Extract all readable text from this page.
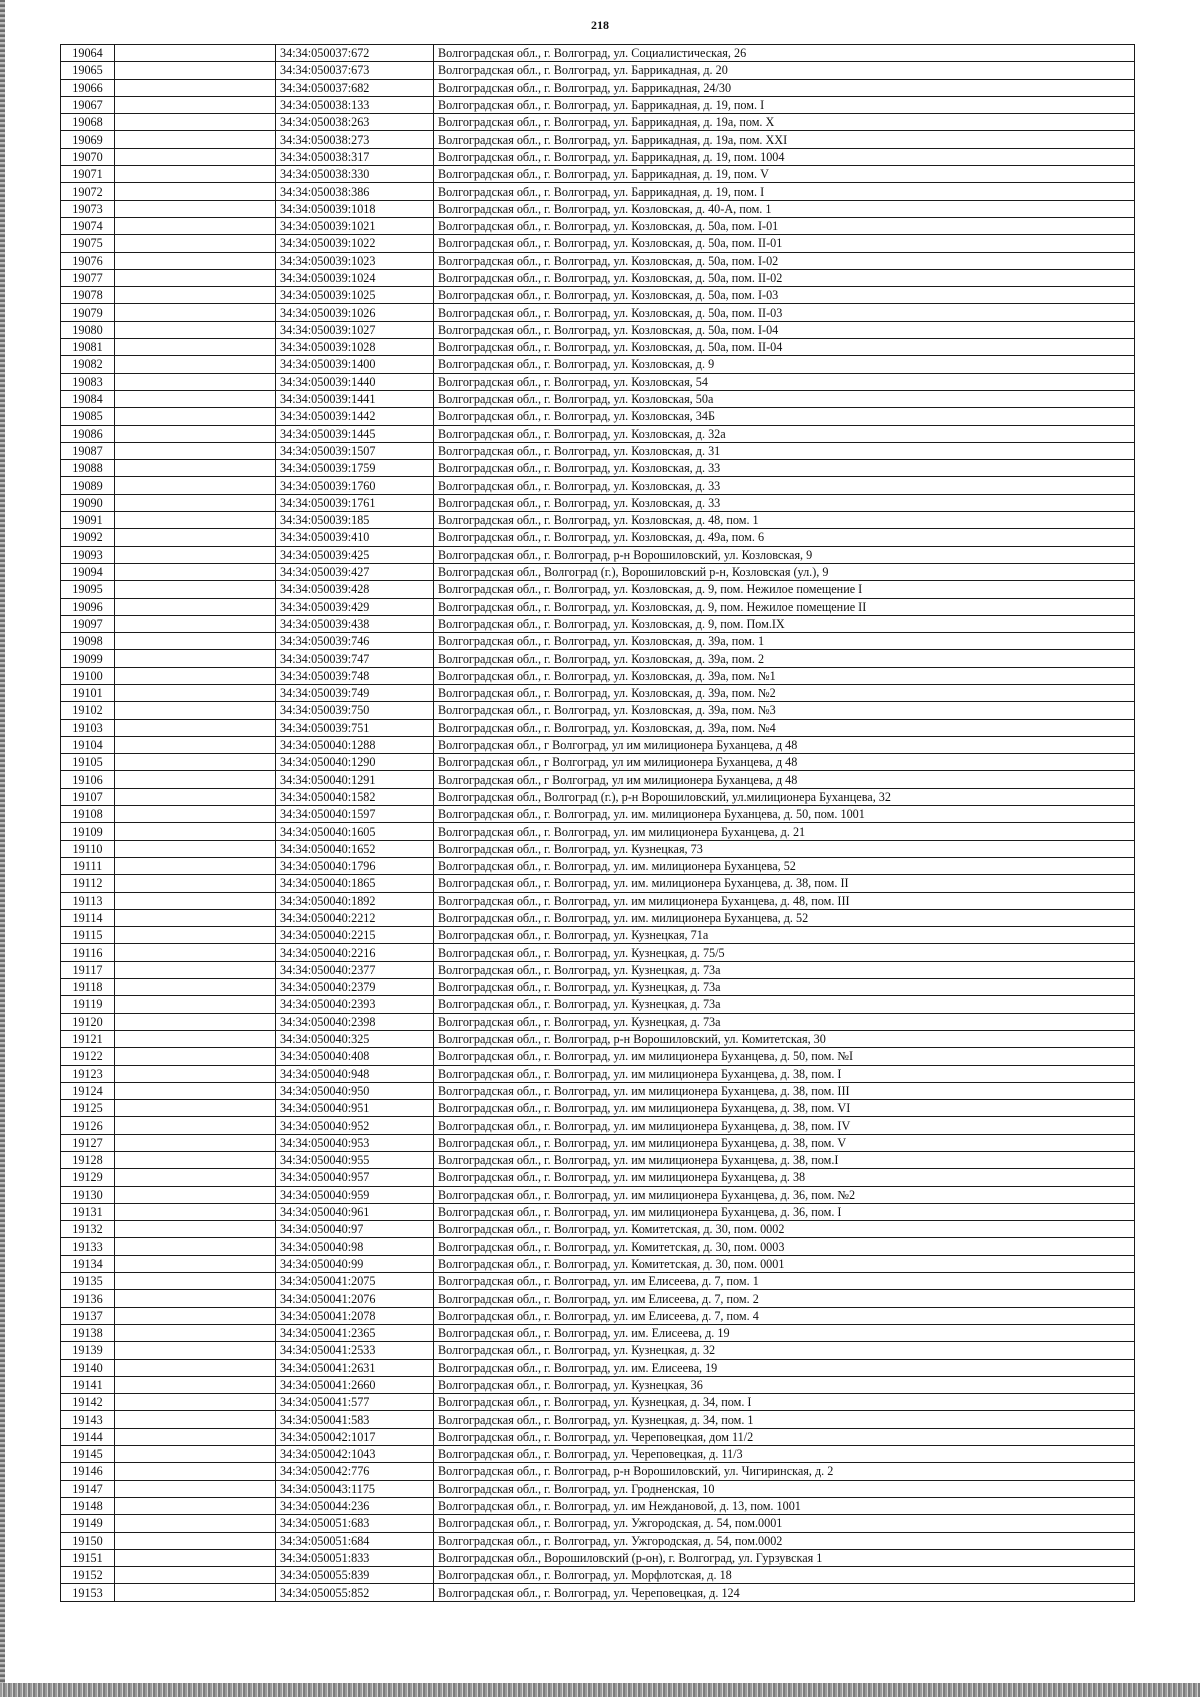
218
19064		34:34:050037:672	Волгоградская обл., г. Волгоград, ул. Социалистическая, 26
19065		34:34:050037:673	Волгоградская обл., г. Волгоград, ул. Баррикадная, д. 20
19066		34:34:050037:682	Волгоградская обл., г. Волгоград, ул. Баррикадная, 24/30
19067		34:34:050038:133	Волгоградская обл., г. Волгоград, ул. Баррикадная, д. 19, пом. I
19068		34:34:050038:263	Волгоградская обл., г. Волгоград, ул. Баррикадная, д. 19а, пом. X
19069		34:34:050038:273	Волгоградская обл., г. Волгоград, ул. Баррикадная, д. 19а, пом. XXI
19070		34:34:050038:317	Волгоградская обл., г. Волгоград, ул. Баррикадная, д. 19, пом. 1004
19071		34:34:050038:330	Волгоградская обл., г. Волгоград, ул. Баррикадная, д. 19, пом. V
19072		34:34:050038:386	Волгоградская обл., г. Волгоград, ул. Баррикадная, д. 19, пом. I
19073		34:34:050039:1018	Волгоградская обл., г. Волгоград, ул. Козловская, д. 40-А, пом. 1
19074		34:34:050039:1021	Волгоградская обл., г. Волгоград, ул. Козловская, д. 50а, пом. I-01
19075		34:34:050039:1022	Волгоградская обл., г. Волгоград, ул. Козловская, д. 50а, пом. II-01
19076		34:34:050039:1023	Волгоградская обл., г. Волгоград, ул. Козловская, д. 50а, пом. I-02
19077		34:34:050039:1024	Волгоградская обл., г. Волгоград, ул. Козловская, д. 50а, пом. II-02
19078		34:34:050039:1025	Волгоградская обл., г. Волгоград, ул. Козловская, д. 50а, пом. I-03
19079		34:34:050039:1026	Волгоградская обл., г. Волгоград, ул. Козловская, д. 50а, пом. II-03
19080		34:34:050039:1027	Волгоградская обл., г. Волгоград, ул. Козловская, д. 50а, пом. I-04
19081		34:34:050039:1028	Волгоградская обл., г. Волгоград, ул. Козловская, д. 50а, пом. II-04
19082		34:34:050039:1400	Волгоградская обл., г. Волгоград, ул. Козловская, д. 9
19083		34:34:050039:1440	Волгоградская обл., г. Волгоград, ул. Козловская, 54
19084		34:34:050039:1441	Волгоградская обл., г. Волгоград, ул. Козловская, 50а
19085		34:34:050039:1442	Волгоградская обл., г. Волгоград, ул. Козловская, 34Б
19086		34:34:050039:1445	Волгоградская обл., г. Волгоград, ул. Козловская, д. 32а
19087		34:34:050039:1507	Волгоградская обл., г. Волгоград, ул. Козловская, д. 31
19088		34:34:050039:1759	Волгоградская обл., г. Волгоград, ул. Козловская, д. 33
19089		34:34:050039:1760	Волгоградская обл., г. Волгоград, ул. Козловская, д. 33
19090		34:34:050039:1761	Волгоградская обл., г. Волгоград, ул. Козловская, д. 33
19091		34:34:050039:185	Волгоградская обл., г. Волгоград, ул. Козловская, д. 48, пом. 1
19092		34:34:050039:410	Волгоградская обл., г. Волгоград, ул. Козловская, д. 49а, пом. 6
19093		34:34:050039:425	Волгоградская обл., г. Волгоград, р-н Ворошиловский, ул. Козловская, 9
19094		34:34:050039:427	Волгоградская обл., Волгоград (г.), Ворошиловский р-н, Козловская (ул.), 9
19095		34:34:050039:428	Волгоградская обл., г. Волгоград, ул. Козловская, д. 9, пом. Нежилое помещение I
19096		34:34:050039:429	Волгоградская обл., г. Волгоград, ул. Козловская, д. 9, пом. Нежилое помещение II
19097		34:34:050039:438	Волгоградская обл., г. Волгоград, ул. Козловская, д. 9, пом. Пом.IX
19098		34:34:050039:746	Волгоградская обл., г. Волгоград, ул. Козловская, д. 39а, пом. 1
19099		34:34:050039:747	Волгоградская обл., г. Волгоград, ул. Козловская, д. 39а, пом. 2
19100		34:34:050039:748	Волгоградская обл., г. Волгоград, ул. Козловская, д. 39а, пом. №1
19101		34:34:050039:749	Волгоградская обл., г. Волгоград, ул. Козловская, д. 39а, пом. №2
19102		34:34:050039:750	Волгоградская обл., г. Волгоград, ул. Козловская, д. 39а, пом. №3
19103		34:34:050039:751	Волгоградская обл., г. Волгоград, ул. Козловская, д. 39а, пом. №4
19104		34:34:050040:1288	Волгоградская обл., г Волгоград, ул им милиционера Буханцева, д 48
19105		34:34:050040:1290	Волгоградская обл., г Волгоград, ул им милиционера Буханцева, д 48
19106		34:34:050040:1291	Волгоградская обл., г Волгоград, ул им милиционера Буханцева, д 48
19107		34:34:050040:1582	Волгоградская обл., Волгоград (г.), р-н Ворошиловский, ул.милиционера Буханцева, 32
19108		34:34:050040:1597	Волгоградская обл., г. Волгоград, ул. им. милиционера Буханцева, д. 50, пом. 1001
19109		34:34:050040:1605	Волгоградская обл., г. Волгоград, ул. им милиционера Буханцева, д. 21
19110		34:34:050040:1652	Волгоградская обл., г. Волгоград, ул. Кузнецкая, 73
19111		34:34:050040:1796	Волгоградская обл., г. Волгоград, ул. им. милиционера Буханцева, 52
19112		34:34:050040:1865	Волгоградская обл., г. Волгоград, ул. им. милиционера Буханцева, д. 38, пом. II
19113		34:34:050040:1892	Волгоградская обл., г. Волгоград, ул. им милиционера Буханцева, д. 48, пом. III
19114		34:34:050040:2212	Волгоградская обл., г. Волгоград, ул. им. милиционера Буханцева, д. 52
19115		34:34:050040:2215	Волгоградская обл., г. Волгоград, ул. Кузнецкая, 71а
19116		34:34:050040:2216	Волгоградская обл., г. Волгоград, ул. Кузнецкая, д. 75/5
19117		34:34:050040:2377	Волгоградская обл., г. Волгоград, ул. Кузнецкая, д. 73а
19118		34:34:050040:2379	Волгоградская обл., г. Волгоград, ул. Кузнецкая, д. 73а
19119		34:34:050040:2393	Волгоградская обл., г. Волгоград, ул. Кузнецкая, д. 73а
19120		34:34:050040:2398	Волгоградская обл., г. Волгоград, ул. Кузнецкая, д. 73а
19121		34:34:050040:325	Волгоградская обл., г. Волгоград, р-н Ворошиловский, ул. Комитетская, 30
19122		34:34:050040:408	Волгоградская обл., г. Волгоград, ул. им милиционера Буханцева, д. 50, пом. №I
19123		34:34:050040:948	Волгоградская обл., г. Волгоград, ул. им милиционера Буханцева, д. 38, пом. I
19124		34:34:050040:950	Волгоградская обл., г. Волгоград, ул. им милиционера Буханцева, д. 38, пом. III
19125		34:34:050040:951	Волгоградская обл., г. Волгоград, ул. им милиционера Буханцева, д. 38, пом. VI
19126		34:34:050040:952	Волгоградская обл., г. Волгоград, ул. им милиционера Буханцева, д. 38, пом. IV
19127		34:34:050040:953	Волгоградская обл., г. Волгоград, ул. им милиционера Буханцева, д. 38, пом. V
19128		34:34:050040:955	Волгоградская обл., г. Волгоград, ул. им милиционера Буханцева, д. 38, пом.I
19129		34:34:050040:957	Волгоградская обл., г. Волгоград, ул. им милиционера Буханцева, д. 38
19130		34:34:050040:959	Волгоградская обл., г. Волгоград, ул. им милиционера Буханцева, д. 36, пом. №2
19131		34:34:050040:961	Волгоградская обл., г. Волгоград, ул. им милиционера Буханцева, д. 36, пом. I
19132		34:34:050040:97	Волгоградская обл., г. Волгоград, ул. Комитетская, д. 30, пом. 0002
19133		34:34:050040:98	Волгоградская обл., г. Волгоград, ул. Комитетская, д. 30, пом. 0003
19134		34:34:050040:99	Волгоградская обл., г. Волгоград, ул. Комитетская, д. 30, пом. 0001
19135		34:34:050041:2075	Волгоградская обл., г. Волгоград, ул. им Елисеева, д. 7, пом. 1
19136		34:34:050041:2076	Волгоградская обл., г. Волгоград, ул. им Елисеева, д. 7, пом. 2
19137		34:34:050041:2078	Волгоградская обл., г. Волгоград, ул. им Елисеева, д. 7, пом. 4
19138		34:34:050041:2365	Волгоградская обл., г. Волгоград, ул. им. Елисеева, д. 19
19139		34:34:050041:2533	Волгоградская обл., г. Волгоград, ул. Кузнецкая, д. 32
19140		34:34:050041:2631	Волгоградская обл., г. Волгоград, ул. им. Елисеева, 19
19141		34:34:050041:2660	Волгоградская обл., г. Волгоград, ул. Кузнецкая, 36
19142		34:34:050041:577	Волгоградская обл., г. Волгоград, ул. Кузнецкая, д. 34, пом. I
19143		34:34:050041:583	Волгоградская обл., г. Волгоград, ул. Кузнецкая, д. 34, пом. 1
19144		34:34:050042:1017	Волгоградская обл., г. Волгоград, ул. Череповецкая, дом 11/2
19145		34:34:050042:1043	Волгоградская обл., г. Волгоград, ул. Череповецкая, д. 11/3
19146		34:34:050042:776	Волгоградская обл., г. Волгоград, р-н Ворошиловский, ул. Чигиринская, д. 2
19147		34:34:050043:1175	Волгоградская обл., г. Волгоград, ул. Гродненская, 10
19148		34:34:050044:236	Волгоградская обл., г. Волгоград, ул. им Неждановой, д. 13, пом. 1001
19149		34:34:050051:683	Волгоградская обл., г. Волгоград, ул. Ужгородская, д. 54, пом.0001
19150		34:34:050051:684	Волгоградская обл., г. Волгоград, ул. Ужгородская, д. 54, пом.0002
19151		34:34:050051:833	Волгоградская обл., Ворошиловский (р-он), г. Волгоград, ул. Гурзувская 1
19152		34:34:050055:839	Волгоградская обл., г. Волгоград, ул. Морфлотская, д. 18
19153		34:34:050055:852	Волгоградская обл., г. Волгоград, ул. Череповецкая, д. 124
